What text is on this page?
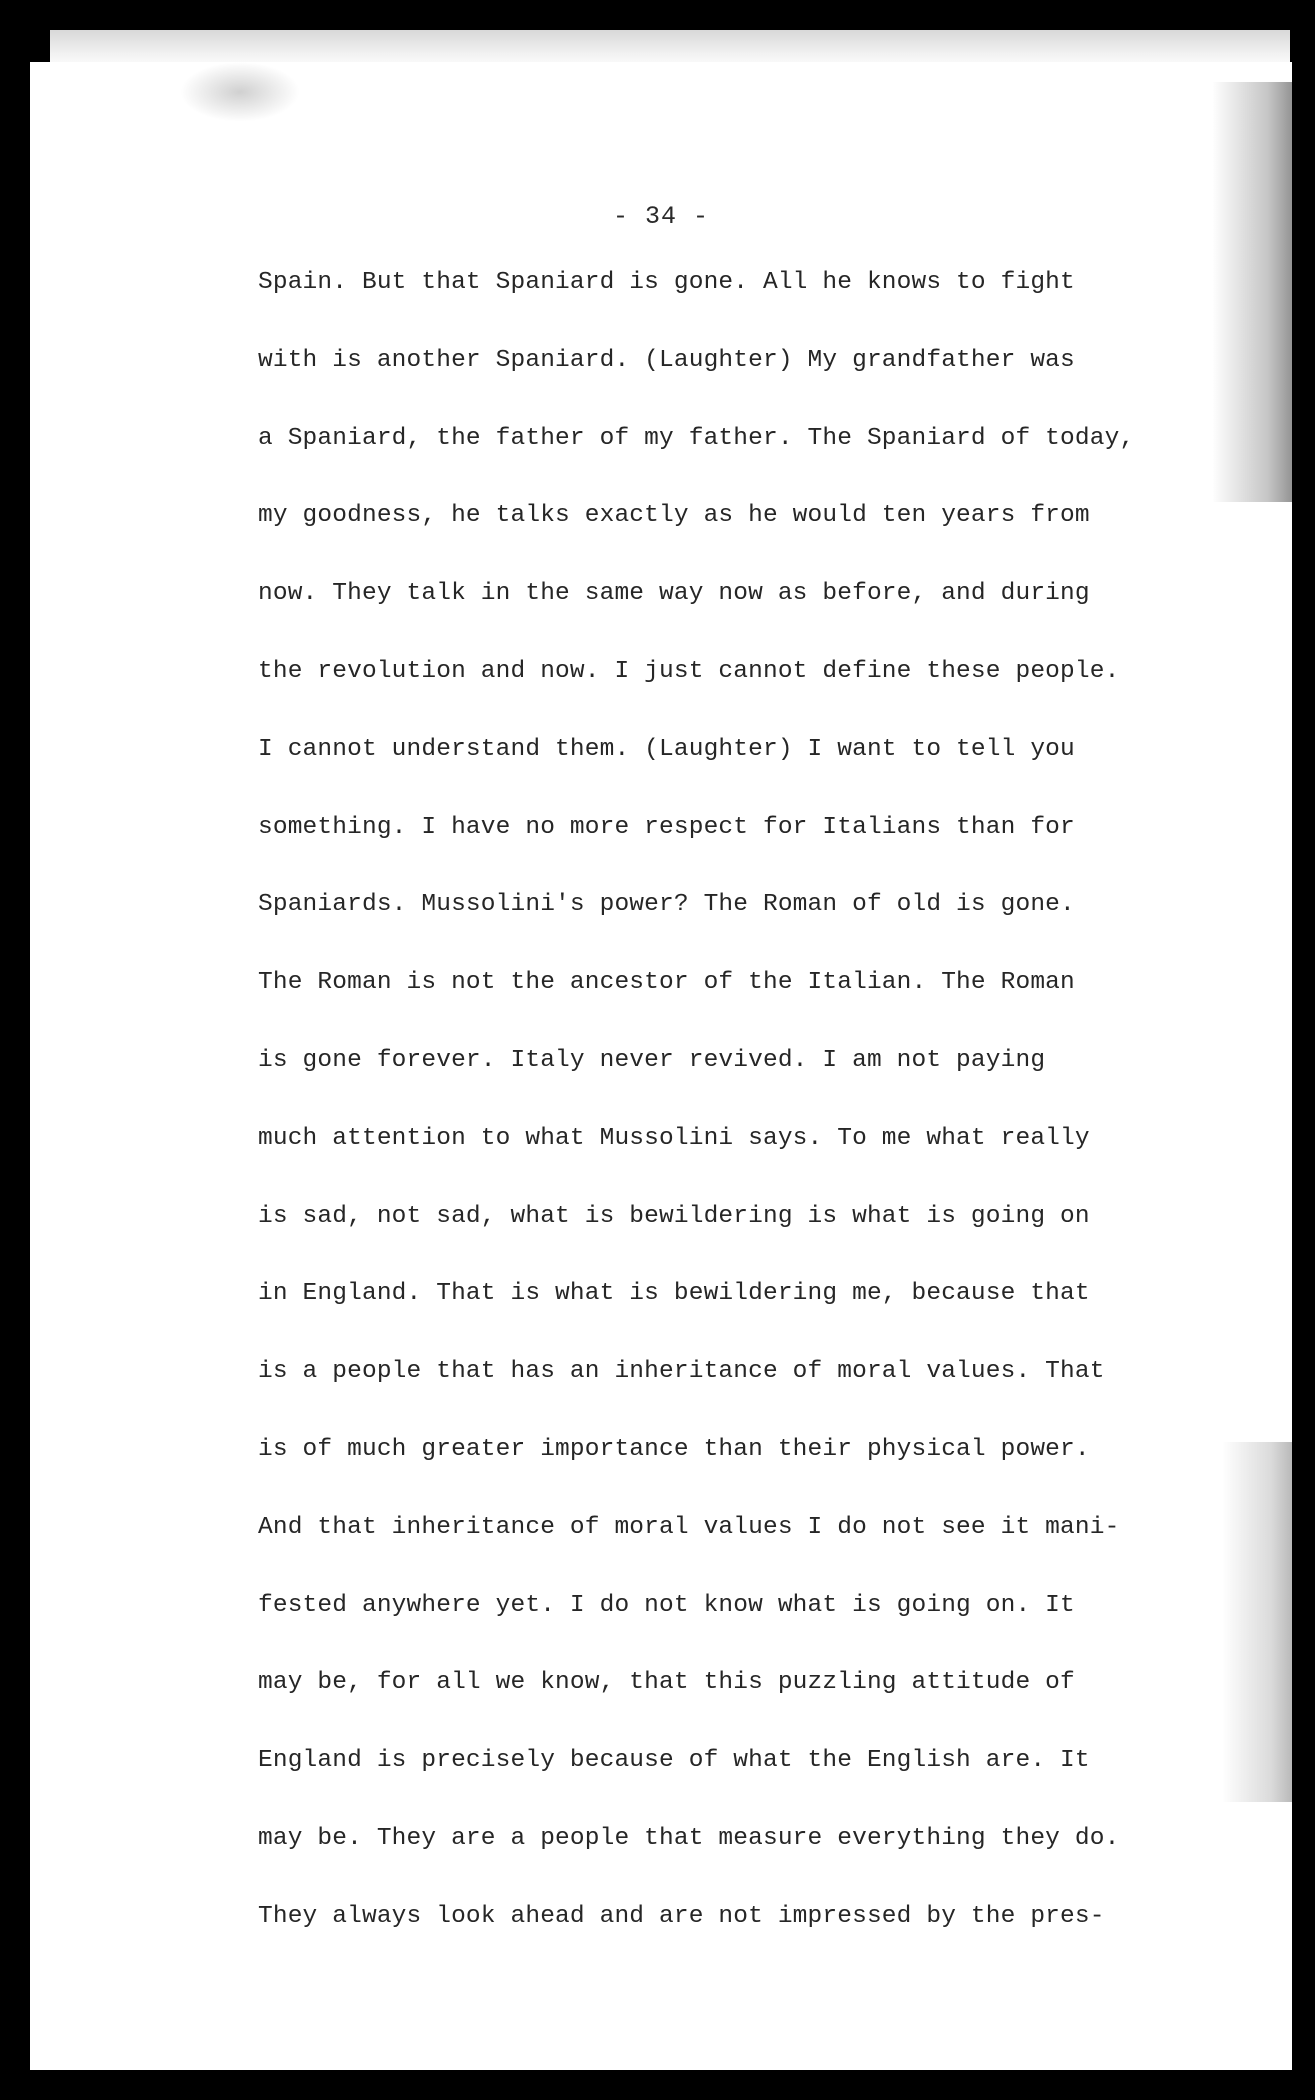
- 34 -
Spain. But that Spaniard is gone. All he knows to fight
with is another Spaniard. (Laughter) My grandfather was
a Spaniard, the father of my father. The Spaniard of today,
my goodness, he talks exactly as he would ten years from
now. They talk in the same way now as before, and during
the revolution and now. I just cannot define these people.
I cannot understand them. (Laughter) I want to tell you
something. I have no more respect for Italians than for
Spaniards. Mussolini's power? The Roman of old is gone.
The Roman is not the ancestor of the Italian. The Roman
is gone forever. Italy never revived. I am not paying
much attention to what Mussolini says. To me what really
is sad, not sad, what is bewildering is what is going on
in England. That is what is bewildering me, because that
is a people that has an inheritance of moral values. That
is of much greater importance than their physical power.
And that inheritance of moral values I do not see it mani-
fested anywhere yet. I do not know what is going on. It
may be, for all we know, that this puzzling attitude of
England is precisely because of what the English are. It
may be. They are a people that measure everything they do.
They always look ahead and are not impressed by the pres-
